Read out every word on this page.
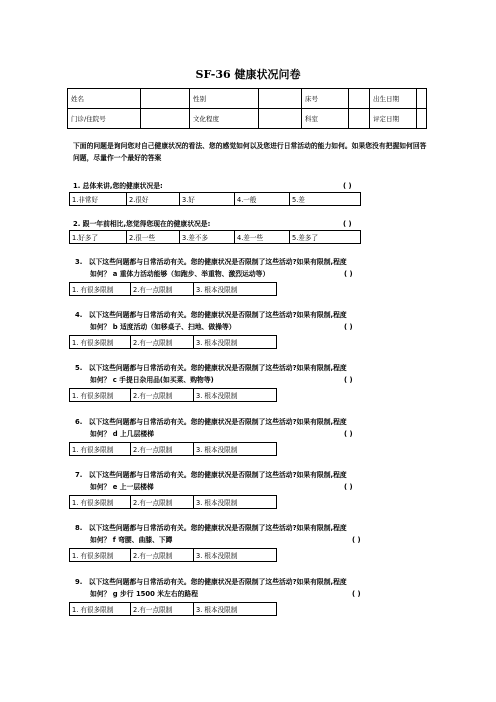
SF-36 健康状况问卷
姓名		性别		床号		出生日期	
门诊/住院号		文化程度		科室		评定日期	
下面的问题是询问您对自己健康状况的看法、您的感觉如何以及您进行日常活动的能力如何。如果您没有把握如何回答问题，尽量作一个最好的答案
1. 总体来讲,您的健康状况是:	( )
1.非常好	2.很好	3.好	4.一般	5.差
2. 跟一年前相比,您觉得您现在的健康状况是:	( )
1.好多了	2.很一些	3.差不多	4.差一些	5.差多了
3. 以下这些问题都与日常活动有关。您的健康状况是否限制了这些活动?如果有限制,程度
如何？ a 重体力活动能够（如跑步、举重物、激烈运动等）	( )
1. 有很多限制	2.有一点限制	3. 根本没限制
4. 以下这些问题都与日常活动有关。您的健康状况是否限制了这些活动?如果有限制,程度
如何？ b 适度活动（如移桌子、扫地、做操等）	( )
1. 有很多限制	2.有一点限制	3. 根本没限制
5. 以下这些问题都与日常活动有关。您的健康状况是否限制了这些活动?如果有限制,程度
如何？ c 手提日杂用品(如买菜、购物等)	( )
1. 有很多限制	2.有一点限制	3. 根本没限制
6. 以下这些问题都与日常活动有关。您的健康状况是否限制了这些活动?如果有限制,程度
如何？ d 上几层楼梯	( )
1. 有很多限制	2.有一点限制	3. 根本没限制
7. 以下这些问题都与日常活动有关。您的健康状况是否限制了这些活动?如果有限制,程度
如何？ e 上一层楼梯	( )
1. 有很多限制	2.有一点限制	3. 根本没限制
8. 以下这些问题都与日常活动有关。您的健康状况是否限制了这些活动?如果有限制,程度
如何？ f 弯腰、曲膝、下蹲	( )
1. 有很多限制	2.有一点限制	3. 根本没限制
9. 以下这些问题都与日常活动有关。您的健康状况是否限制了这些活动?如果有限制,程度
如何？ g 步行 1500 米左右的路程	( )
1. 有很多限制	2.有一点限制	3. 根本没限制
